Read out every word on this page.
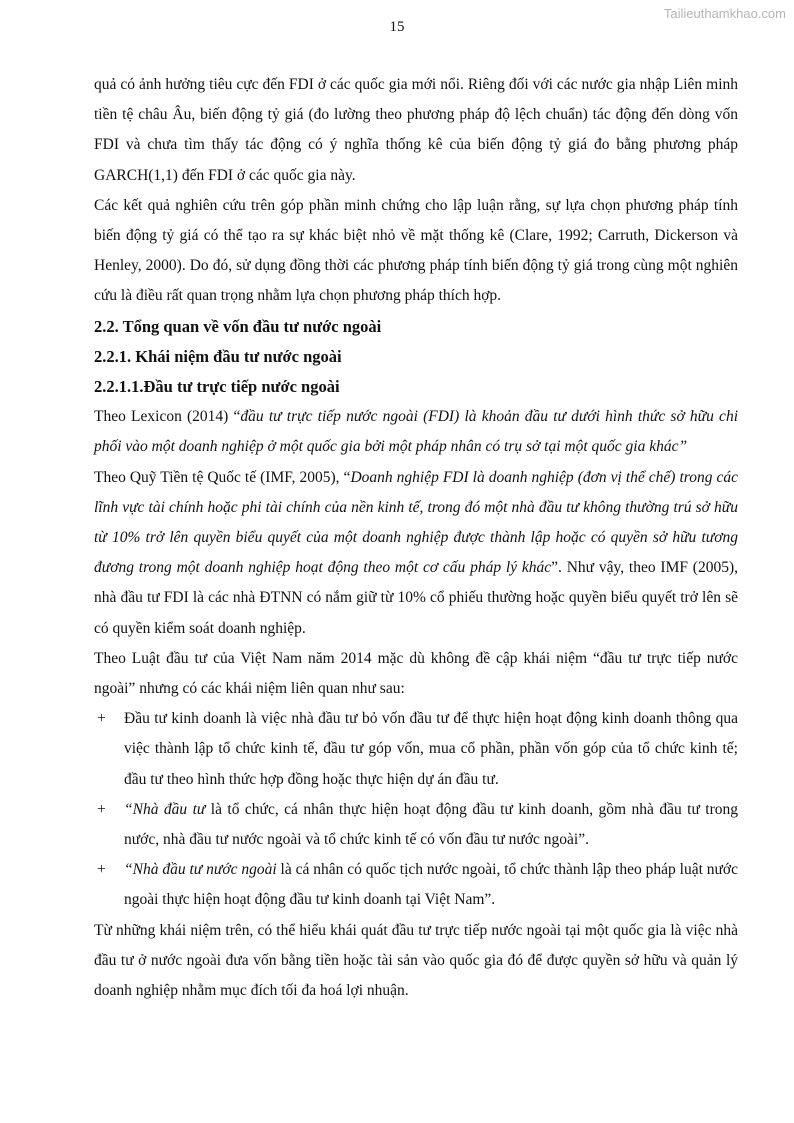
Tailieuthamkhao.com
15

quả có ảnh hưởng tiêu cực đến FDI ở các quốc gia mới nổi. Riêng đối với các nước gia nhập Liên minh tiền tệ châu Âu, biến động tỷ giá (đo lường theo phương pháp độ lệch chuẩn) tác động đến dòng vốn FDI và chưa tìm thấy tác động có ý nghĩa thống kê của biến động tỷ giá đo bằng phương pháp GARCH(1,1) đến FDI ở các quốc gia này.

Các kết quả nghiên cứu trên góp phần minh chứng cho lập luận rằng, sự lựa chọn phương pháp tính biến động tỷ giá có thể tạo ra sự khác biệt nhỏ về mặt thống kê (Clare, 1992; Carruth, Dickerson và Henley, 2000). Do đó, sử dụng đồng thời các phương pháp tính biến động tỷ giá trong cùng một nghiên cứu là điều rất quan trọng nhằm lựa chọn phương pháp thích hợp.

2.2. Tổng quan về vốn đầu tư nước ngoài

2.2.1. Khái niệm đầu tư nước ngoài

2.2.1.1.Đầu tư trực tiếp nước ngoài

Theo Lexicon (2014) “đầu tư trực tiếp nước ngoài (FDI) là khoản đầu tư dưới hình thức sở hữu chi phối vào một doanh nghiệp ở một quốc gia bởi một pháp nhân có trụ sở tại một quốc gia khác”

Theo Quỹ Tiền tệ Quốc tế (IMF, 2005), “Doanh nghiệp FDI là doanh nghiệp (đơn vị thể chế) trong các lĩnh vực tài chính hoặc phi tài chính của nền kinh tế, trong đó một nhà đầu tư không thường trú sở hữu từ 10% trở lên quyền biểu quyết của một doanh nghiệp được thành lập hoặc có quyền sở hữu tương đương trong một doanh nghiệp hoạt động theo một cơ cấu pháp lý khác”. Như vậy, theo IMF (2005), nhà đầu tư FDI là các nhà ĐTNN có nắm giữ từ 10% cổ phiếu thường hoặc quyền biểu quyết trở lên sẽ có quyền kiểm soát doanh nghiệp.

Theo Luật đầu tư của Việt Nam năm 2014 mặc dù không đề cập khái niệm “đầu tư trực tiếp nước ngoài” nhưng có các khái niệm liên quan như sau:

+ Đầu tư kinh doanh là việc nhà đầu tư bỏ vốn đầu tư để thực hiện hoạt động kinh doanh thông qua việc thành lập tổ chức kinh tế, đầu tư góp vốn, mua cổ phần, phần vốn góp của tổ chức kinh tế; đầu tư theo hình thức hợp đồng hoặc thực hiện dự án đầu tư.
+ “Nhà đầu tư là tổ chức, cá nhân thực hiện hoạt động đầu tư kinh doanh, gồm nhà đầu tư trong nước, nhà đầu tư nước ngoài và tổ chức kinh tế có vốn đầu tư nước ngoài”.
+ “Nhà đầu tư nước ngoài là cá nhân có quốc tịch nước ngoài, tổ chức thành lập theo pháp luật nước ngoài thực hiện hoạt động đầu tư kinh doanh tại Việt Nam”.

Từ những khái niệm trên, có thể hiểu khái quát đầu tư trực tiếp nước ngoài tại một quốc gia là việc nhà đầu tư ở nước ngoài đưa vốn bằng tiền hoặc tài sản vào quốc gia đó để được quyền sở hữu và quản lý doanh nghiệp nhằm mục đích tối đa hoá lợi nhuận.
